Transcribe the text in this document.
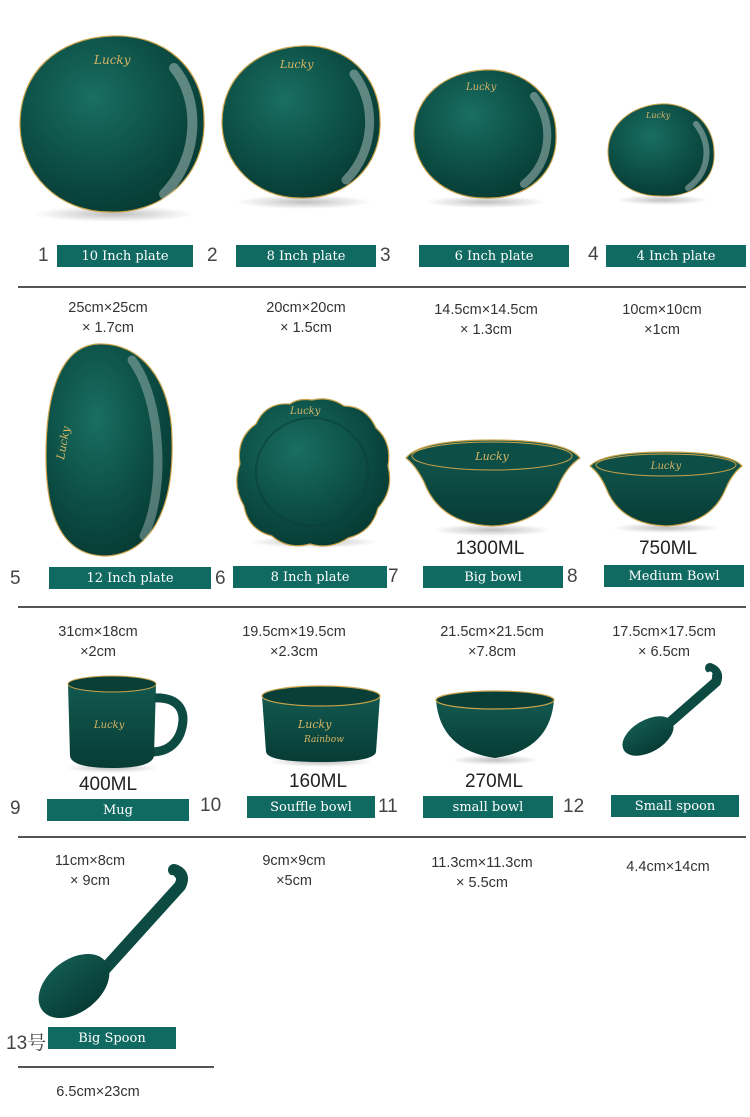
Lucky	Lucky
Lucky
Lucky
1	10 Inch plate	2	8 Inch plate	3	6 Inch plate	4	4 Inch plate
25cm×25cm
× 1.7cm
20cm×20cm
× 1.5cm
14.5cm×14.5cm
× 1.3cm
10cm×10cm
×1cm
Lucky
Lucky
Lucky
Lucky
1300ML	750ML
5	12 Inch plate	6	8 Inch plate	7	Big bowl	8	Medium Bowl
31cm×18cm
×2cm
19.5cm×19.5cm
×2.3cm
21.5cm×21.5cm
×7.8cm
17.5cm×17.5cm
× 6.5cm
Lucky	Lucky
Rainbow
400ML	160ML	270ML
9	Mug	10	Souffle bowl	11	small bowl	12	Small spoon
11cm×8cm
× 9cm
9cm×9cm
×5cm
11.3cm×11.3cm
× 5.5cm
4.4cm×14cm
13号	Big Spoon
6.5cm×23cm
